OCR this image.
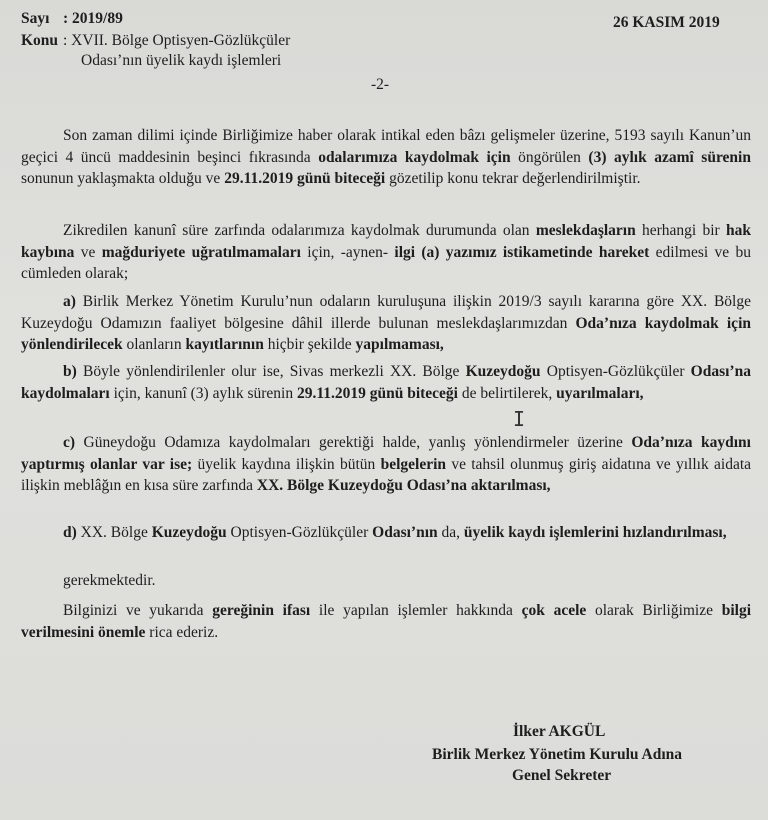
Sayı : 2019/89
Konu : XVII. Bölge Optisyen-Gözlükçüler
Odası’nın üyelik kaydı işlemleri
26 KASIM 2019
-2-

Son zaman dilimi içinde Birliğimize haber olarak intikal eden bâzı gelişmeler üzerine, 5193 sayılı Kanun’un geçici 4 üncü maddesinin beşinci fıkrasında odalarımıza kaydolmak için öngörülen (3) aylık azamî sürenin sonunun yaklaşmakta olduğu ve 29.11.2019 günü biteceği gözetilip konu tekrar değerlendirilmiştir.

Zikredilen kanunî süre zarfında odalarımıza kaydolmak durumunda olan meslekdaşların herhangi bir hak kaybına ve mağduriyete uğratılmamaları için, -aynen- ilgi (a) yazımız istikametinde hareket edilmesi ve bu cümleden olarak;

a) Birlik Merkez Yönetim Kurulu’nun odaların kuruluşuna ilişkin 2019/3 sayılı kararına göre XX. Bölge Kuzeydoğu Odamızın faaliyet bölgesine dâhil illerde bulunan meslekdaşlarımızdan Oda’nıza kaydolmak için yönlendirilecek olanların kayıtlarının hiçbir şekilde yapılmaması,

b) Böyle yönlendirilenler olur ise, Sivas merkezli XX. Bölge Kuzeydoğu Optisyen-Gözlükçüler Odası’na kaydolmaları için, kanunî (3) aylık sürenin 29.11.2019 günü biteceği de belirtilerek, uyarılmaları,

c) Güneydoğu Odamıza kaydolmaları gerektiği halde, yanlış yönlendirmeler üzerine Oda’nıza kaydını yaptırmış olanlar var ise; üyelik kaydına ilişkin bütün belgelerin ve tahsil olunmuş giriş aidatına ve yıllık aidata ilişkin meblâğın en kısa süre zarfında XX. Bölge Kuzeydoğu Odası’na aktarılması,

d) XX. Bölge Kuzeydoğu Optisyen-Gözlükçüler Odası’nın da, üyelik kaydı işlemlerini hızlandırılması,

gerekmektedir.

Bilginizi ve yukarıda gereğinin ifası ile yapılan işlemler hakkında çok acele olarak Birliğimize bilgi verilmesini önemle rica ederiz.

İlker AKGÜL
Birlik Merkez Yönetim Kurulu Adına
Genel Sekreter
I
